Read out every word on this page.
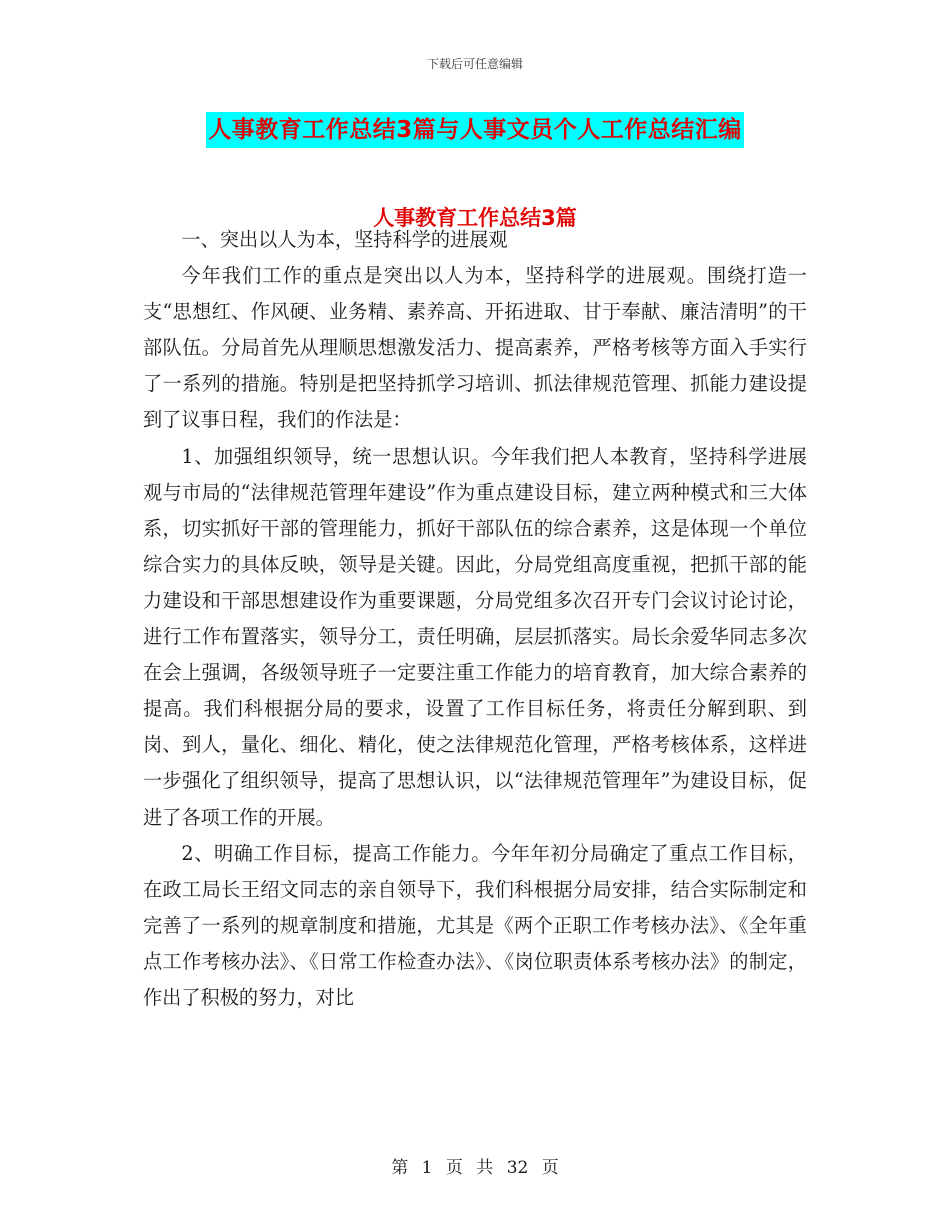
下载后可任意编辑
人事教育工作总结3篇与人事文员个人工作总结汇编
人事教育工作总结3篇

一、突出以人为本，坚持科学的进展观

今年我们工作的重点是突出以人为本，坚持科学的进展观。围绕打造一支“思想红、作风硬、业务精、素养高、开拓进取、甘于奉献、廉洁清明”的干部队伍。分局首先从理顺思想激发活力、提高素养，严格考核等方面入手实行了一系列的措施。特别是把坚持抓学习培训、抓法律规范管理、抓能力建设提到了议事日程，我们的作法是：

1、加强组织领导，统一思想认识。今年我们把人本教育，坚持科学进展观与市局的“法律规范管理年建设”作为重点建设目标，建立两种模式和三大体系，切实抓好干部的管理能力，抓好干部队伍的综合素养，这是体现一个单位综合实力的具体反映，领导是关键。因此，分局党组高度重视，把抓干部的能力建设和干部思想建设作为重要课题，分局党组多次召开专门会议讨论讨论，进行工作布置落实，领导分工，责任明确，层层抓落实。局长余爱华同志多次在会上强调，各级领导班子一定要注重工作能力的培育教育，加大综合素养的提高。我们科根据分局的要求，设置了工作目标任务，将责任分解到职、到岗、到人，量化、细化、精化，使之法律规范化管理，严格考核体系，这样进一步强化了组织领导，提高了思想认识，以“法律规范管理年”为建设目标，促进了各项工作的开展。

2、明确工作目标，提高工作能力。今年年初分局确定了重点工作目标，在政工局长王绍文同志的亲自领导下，我们科根据分局安排，结合实际制定和完善了一系列的规章制度和措施，尤其是《两个正职工作考核办法》、《全年重点工作考核办法》、《日常工作检查办法》、《岗位职责体系考核办法》的制定，作出了积极的努力，对比

第 1 页 共 32 页
